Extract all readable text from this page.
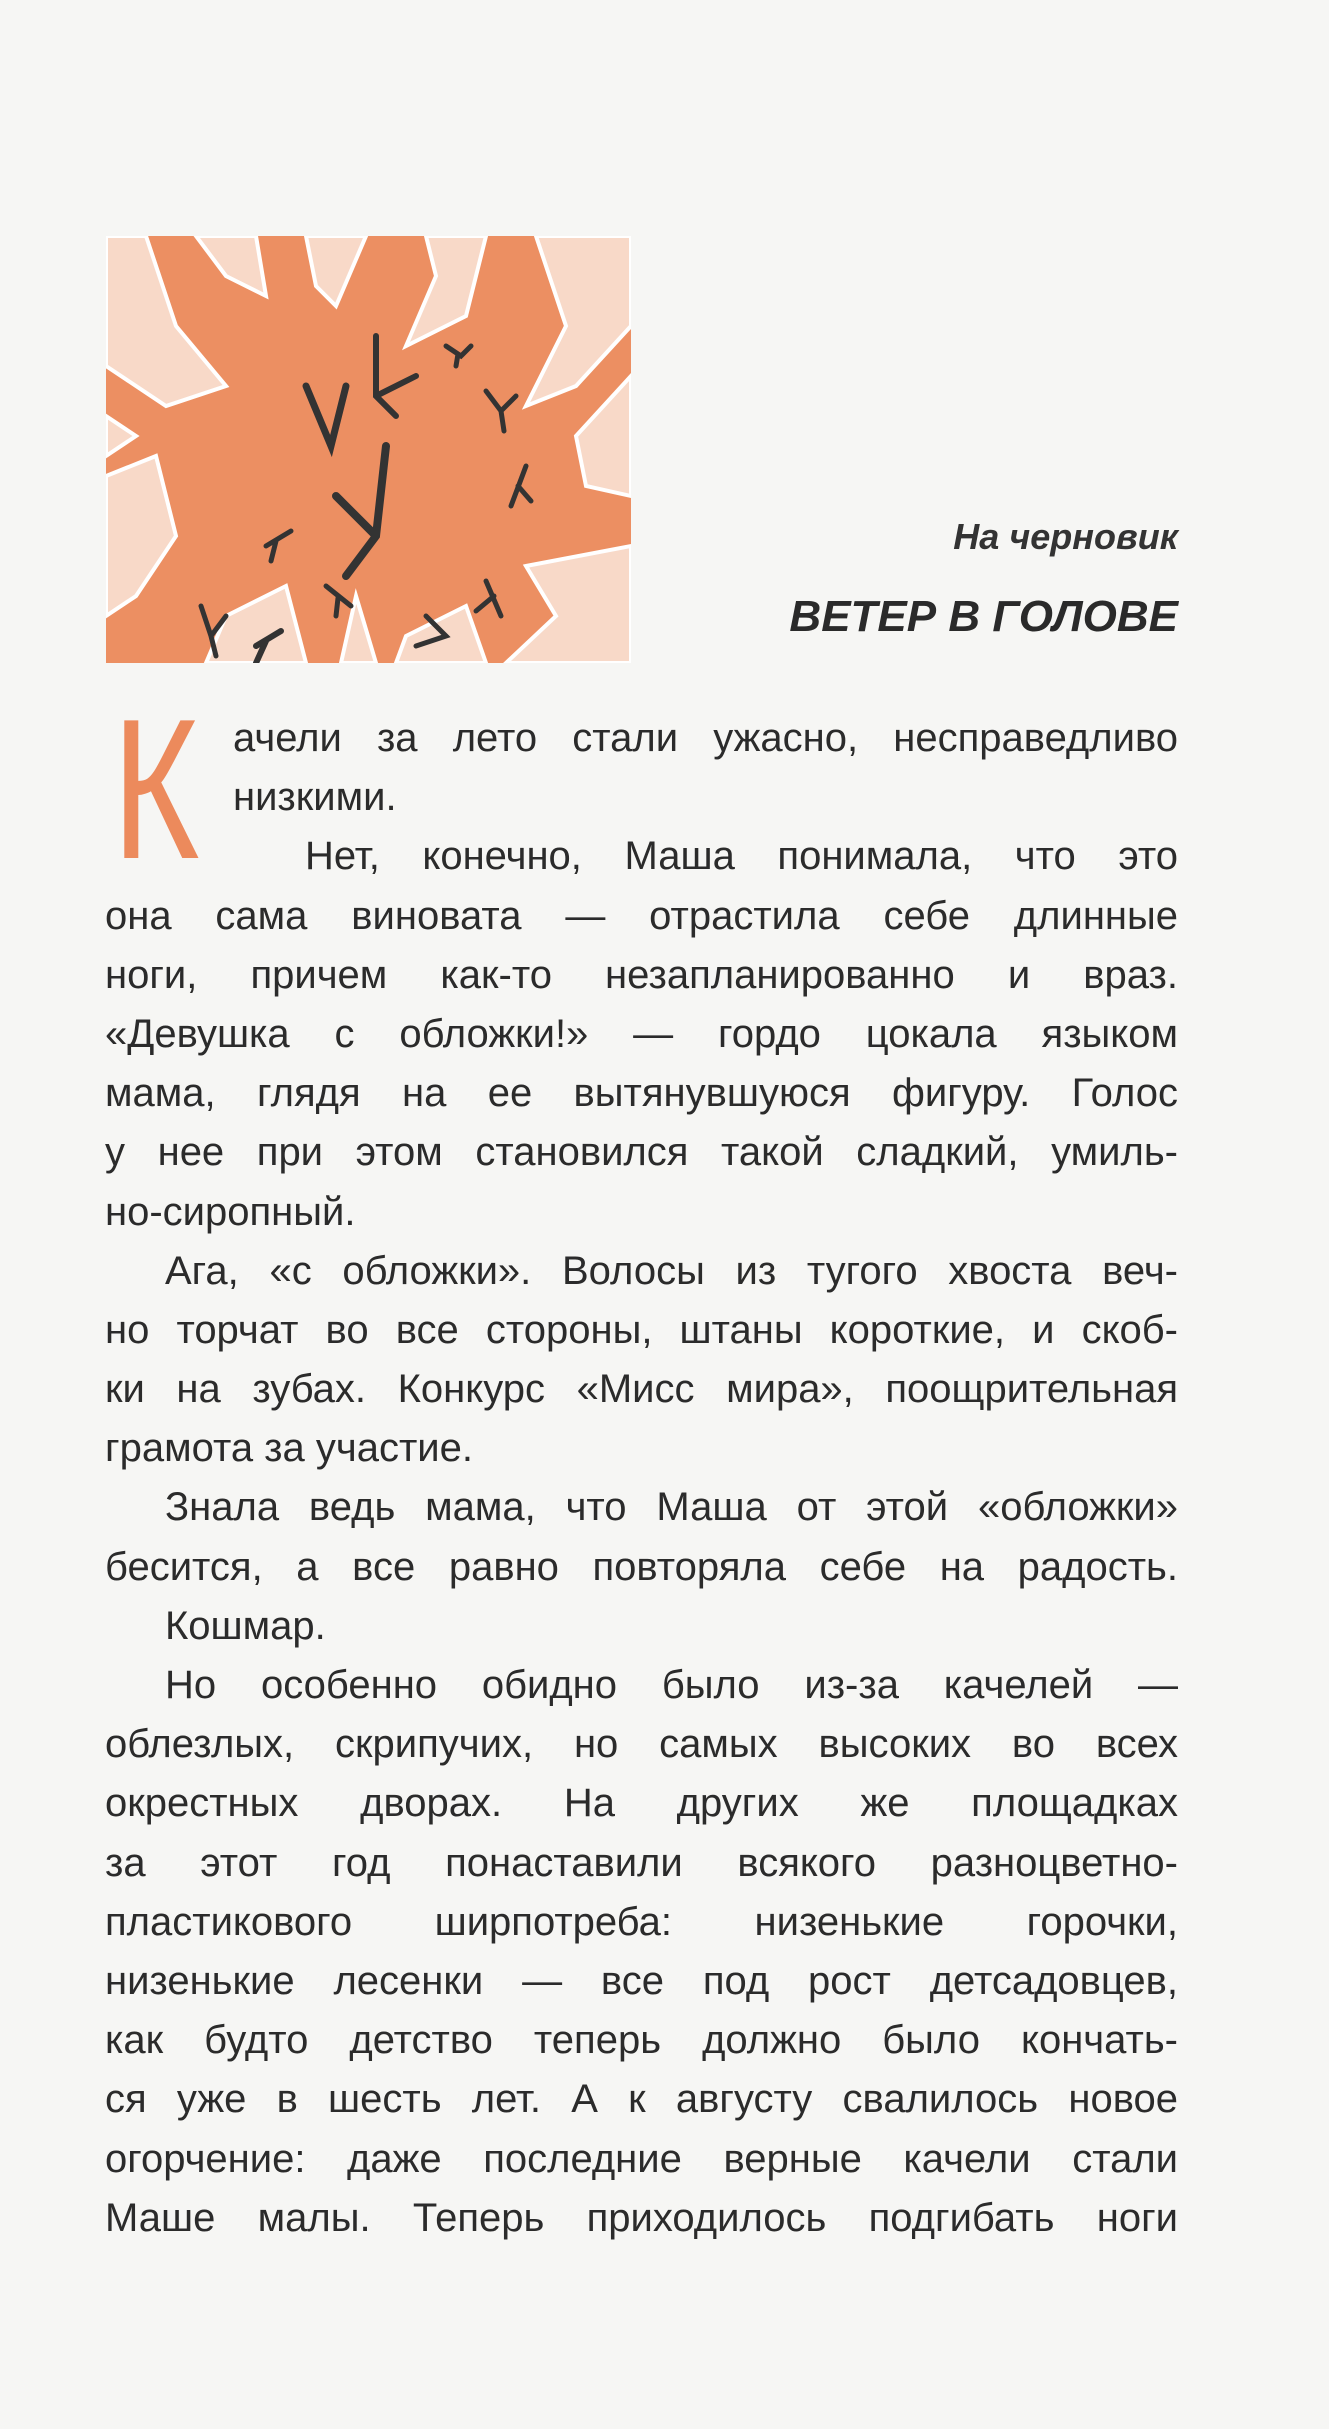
На черновик
ВЕТЕР В ГОЛОВЕ
К ачели за лето стали ужасно, несправедливо
низкими.
Нет, конечно, Маша понимала, что это
она сама виновата — отрастила себе длинные
ноги, причем как-то незапланированно и враз.
«Девушка с обложки!» — гордо цокала языком
мама, глядя на ее вытянувшуюся фигуру. Голос
у нее при этом становился такой сладкий, умиль-
но-сиропный.
Ага, «с обложки». Волосы из тугого хвоста веч-
но торчат во все стороны, штаны короткие, и скоб-
ки на зубах. Конкурс «Мисс мира», поощрительная
грамота за участие.
Знала ведь мама, что Маша от этой «обложки»
бесится, а все равно повторяла себе на радость.
Кошмар.
Но особенно обидно было из-за качелей —
облезлых, скрипучих, но самых высоких во всех
окрестных дворах. На других же площадках
за этот год понаставили всякого разноцветно-
пластикового ширпотреба: низенькие горочки,
низенькие лесенки — все под рост детсадовцев,
как будто детство теперь должно было кончать-
ся уже в шесть лет. А к августу свалилось новое
огорчение: даже последние верные качели стали
Маше малы. Теперь приходилось подгибать ноги
